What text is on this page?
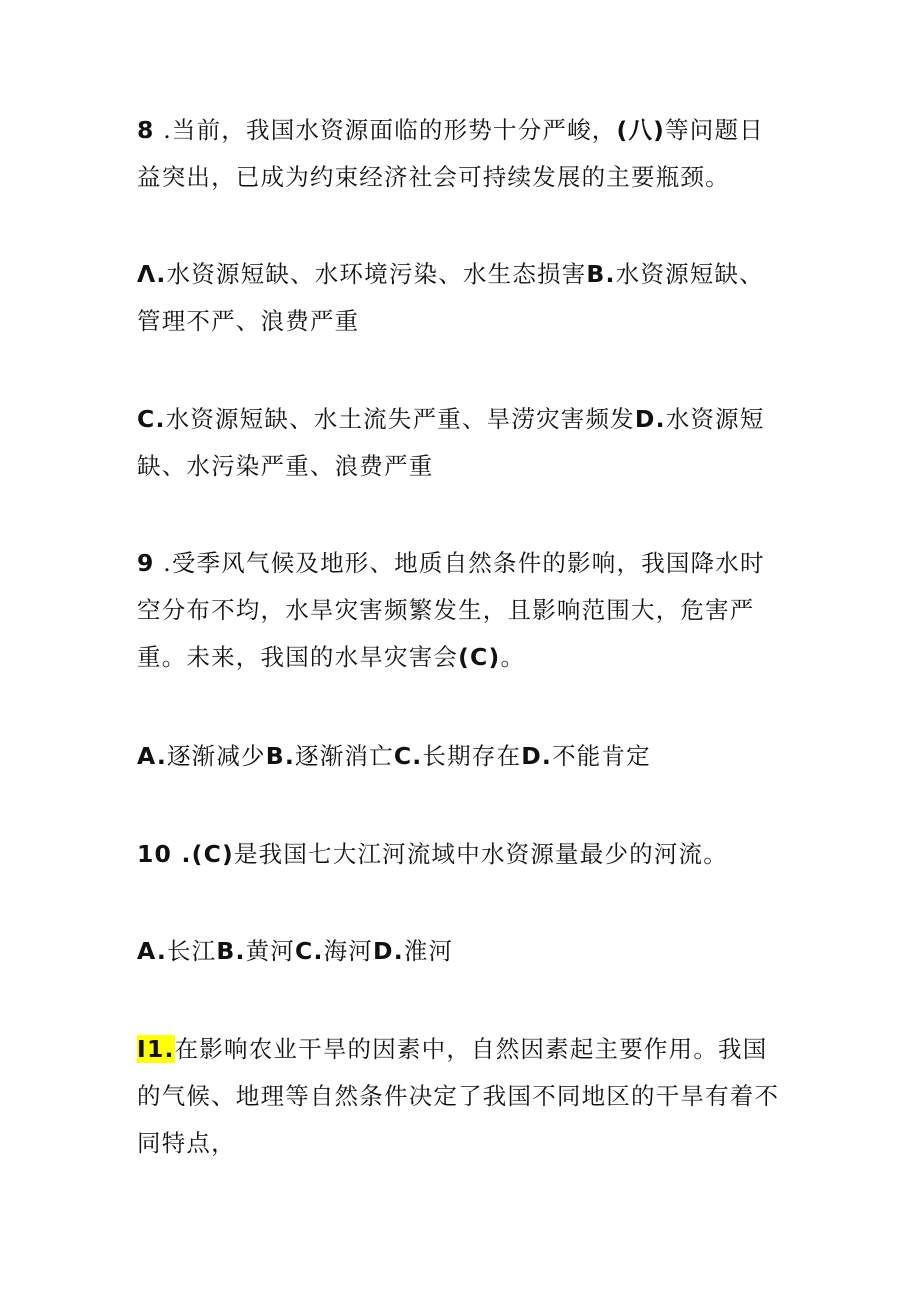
8 .当前，我国水资源面临的形势十分严峻，(八)等问题日益突出，已成为约束经济社会可持续发展的主要瓶颈。
Λ.水资源短缺、水环境污染、水生态损害B.水资源短缺、管理不严、浪费严重
C.水资源短缺、水土流失严重、旱涝灾害频发D.水资源短缺、水污染严重、浪费严重
9 .受季风气候及地形、地质自然条件的影响，我国降水时空分布不均，水旱灾害频繁发生，且影响范围大，危害严重。未来，我国的水旱灾害会(C)。
A.逐渐减少B.逐渐消亡C.长期存在D.不能肯定
10 .(C)是我国七大江河流域中水资源量最少的河流。
A.长江B.黄河C.海河D.淮河
I1.在影响农业干旱的因素中，自然因素起主要作用。我国的气候、地理等自然条件决定了我国不同地区的干旱有着不同特点，
